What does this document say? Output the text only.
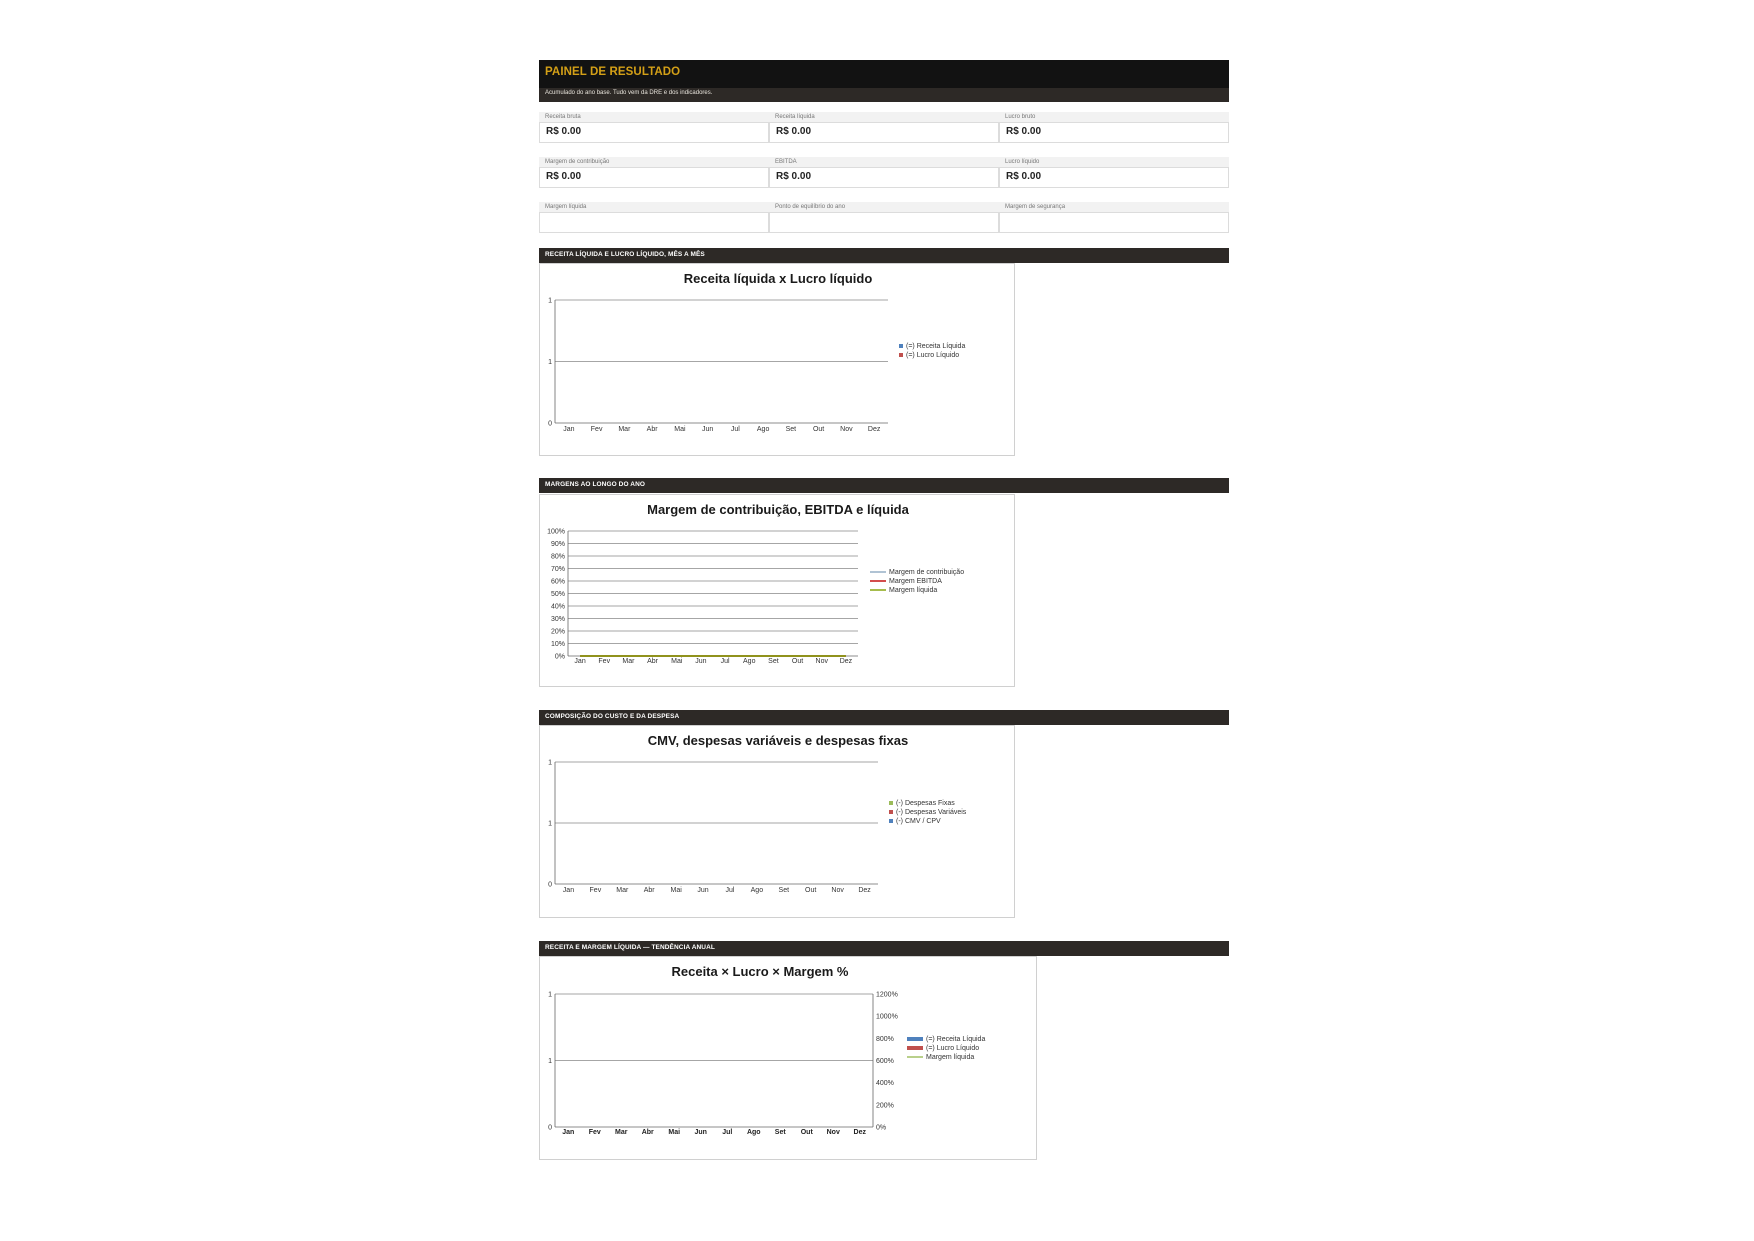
PAINEL DE RESULTADO
Acumulado do ano base. Tudo vem da DRE e dos indicadores.
Receita bruta
R$ 0.00
Receita líquida
R$ 0.00
Lucro bruto
R$ 0.00
Margem de contribuição
R$ 0.00
EBITDA
R$ 0.00
Lucro líquido
R$ 0.00
Margem líquida	Ponto de equilíbrio do ano	Margem de segurança
RECEITA LÍQUIDA E LUCRO LÍQUIDO, MÊS A MÊS
Receita líquida x Lucro líquido
0
1
1
Jan Fev Mar Abr Mai Jun	Jul Ago Set Out Nov Dez
(=) Receita Líquida
(=) Lucro Líquido
MARGENS AO LONGO DO ANO
Margem de contribuição, EBITDA e líquida
0%
10%
20%
30%
40%
50%
60%
70%
80%
90%
100%
Jan Fev Mar Abr Mai Jun Jul Ago Set Out Nov Dez
Margem de contribuição
Margem EBITDA
Margem líquida
COMPOSIÇÃO DO CUSTO E DA DESPESA
CMV, despesas variáveis e despesas fixas
0
1
1
Jan Fev Mar Abr Mai Jun Jul Ago Set Out Nov Dez
(-) Despesas Fixas
(-) Despesas Variáveis
(-) CMV / CPV
RECEITA E MARGEM LÍQUIDA — TENDÊNCIA ANUAL
Receita × Lucro × Margem %
0
1
1
0%
200%
400%
600%
800%
1000%
1200%
Jan Fev Mar Abr Mai Jun Jul Ago Set Out Nov Dez
(=) Receita Líquida
(=) Lucro Líquido
Margem líquida
